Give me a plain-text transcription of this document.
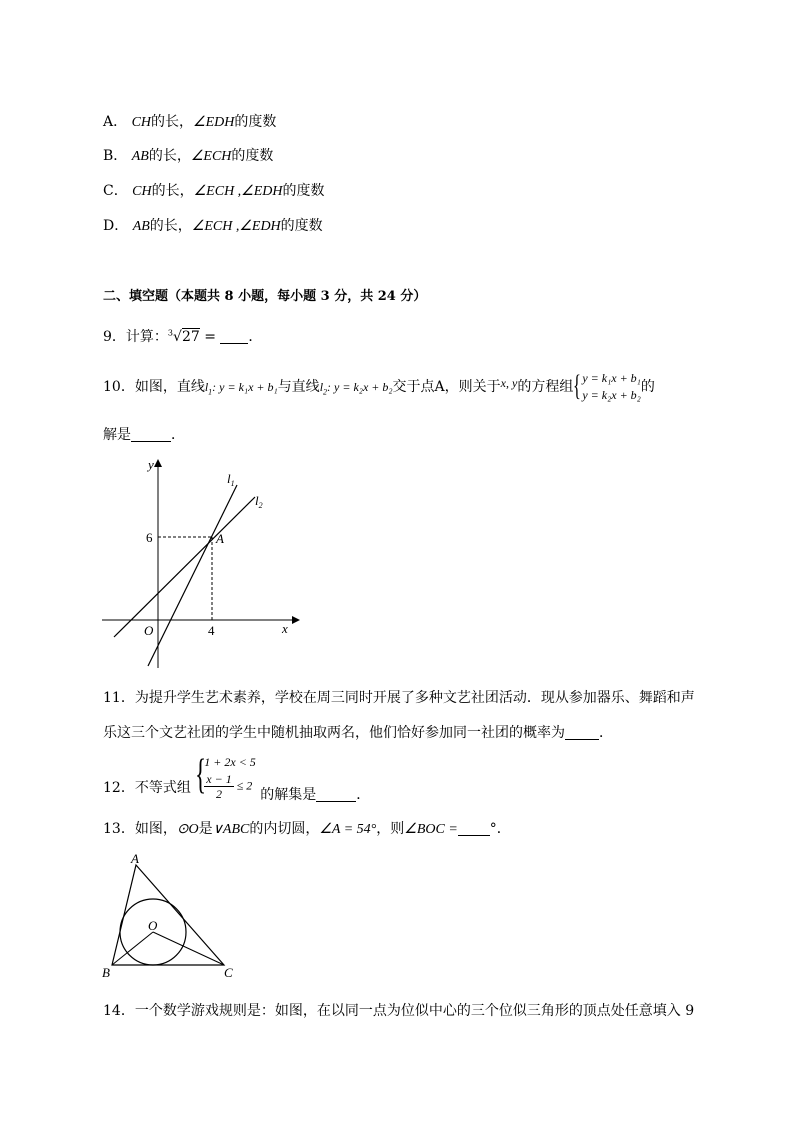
A． CH的长，∠EDH的度数
B． AB的长，∠ECH的度数
C． CH的长，∠ECH ,∠EDH的度数
D． AB的长，∠ECH ,∠EDH的度数
二、填空题（本题共 8 小题，每小题 3 分，共 24 分）
9．计算：$^3$√27 = ．
10．如图，直线$l_1$: y = k₁x + b₁与直线$l_2$: y = k₂x + b₂交于点A，则关于x, y的方程组 { y = k₁x + b₁
y = k₂x + b₂ 的
解是	．
y
x
O
6
4
A
$l_1$
$l_2$
11．为提升学生艺术素养，学校在周三同时开展了多种文艺社团活动．现从参加器乐、舞蹈和声
乐这三个文艺社团的学生中随机抽取两名，他们恰好参加同一社团的概率为 ．
12．不等式组 {
1 + 2x < 5
$\frac{x - 1}{2} \le 2$
的解集是	．
13．如图，⊙O是∨ABC的内切圆，∠A = 54°，则∠BOC = °．
A
B	C
O
14．一个数学游戏规则是：如图，在以同一点为位似中心的三个位似三角形的顶点处任意填入 9
